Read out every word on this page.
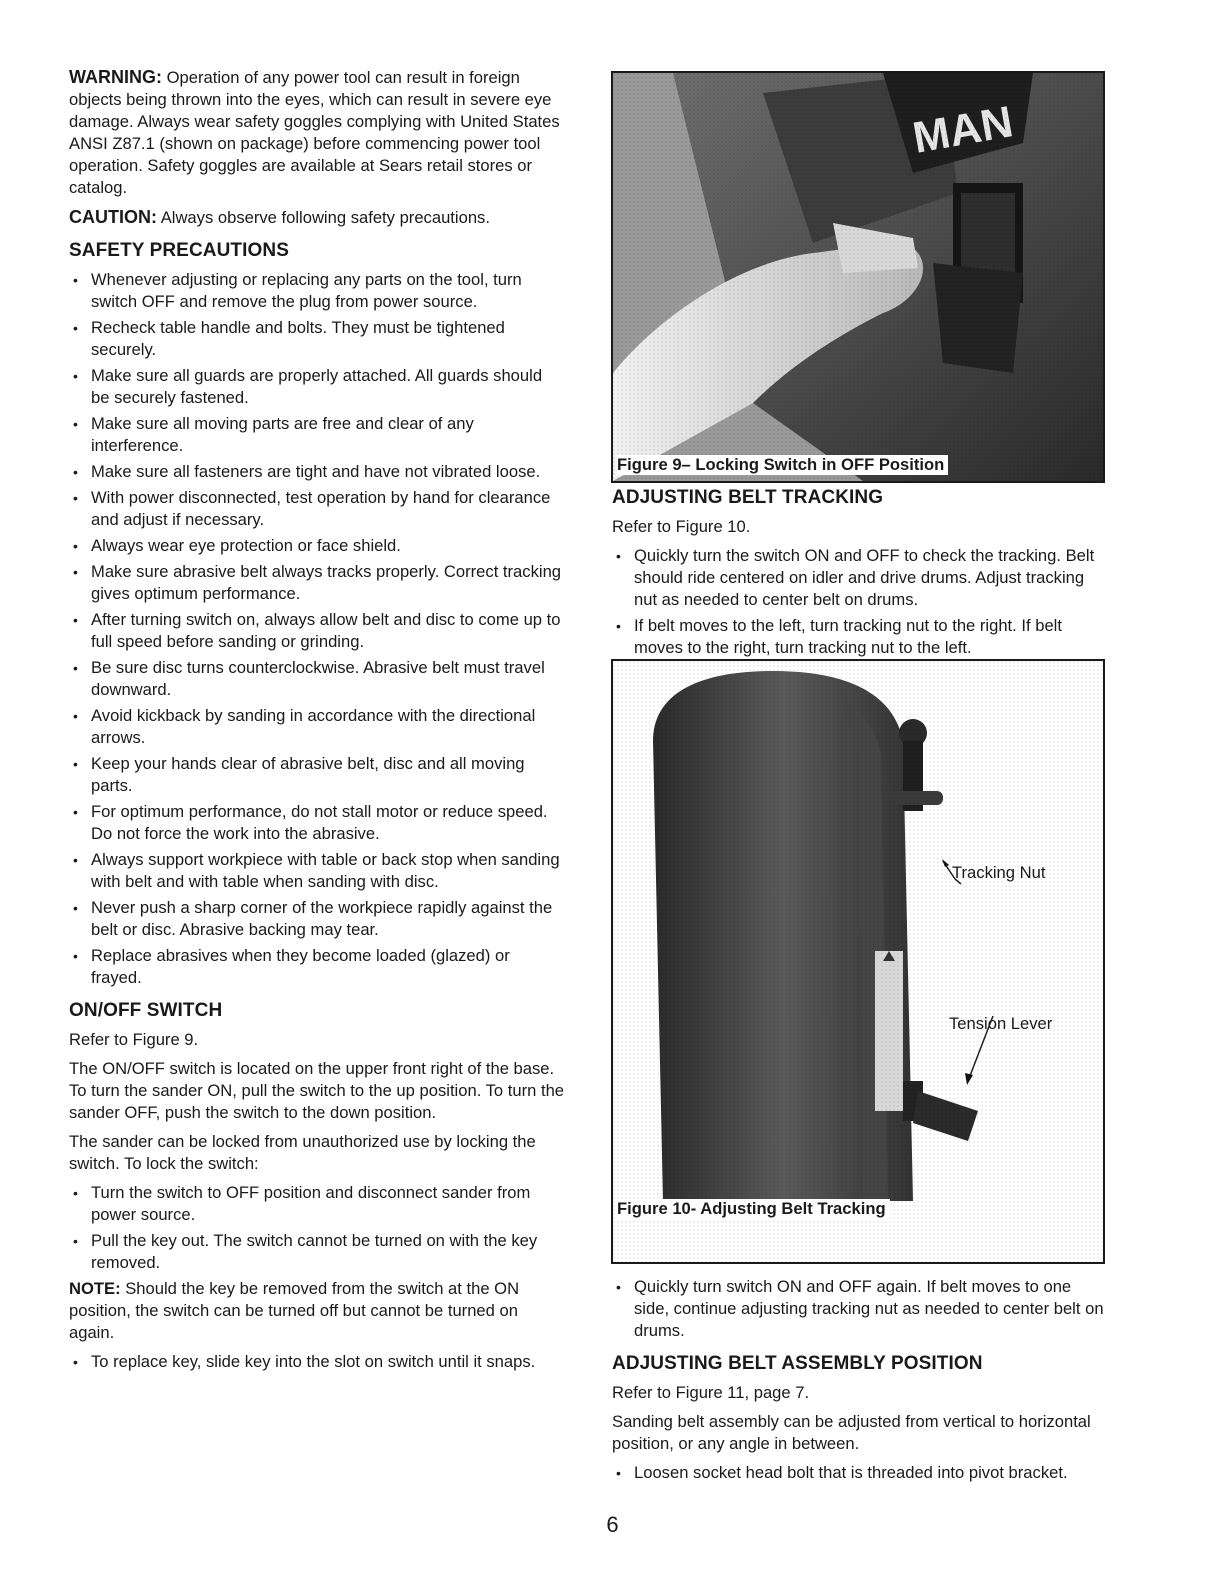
WARNING: Operation of any power tool can result in foreign objects being thrown into the eyes, which can result in severe eye damage. Always wear safety goggles complying with United States ANSI Z87.1 (shown on package) before commencing power tool operation. Safety goggles are available at Sears retail stores or catalog.

CAUTION: Always observe following safety precautions.

SAFETY PRECAUTIONS
• Whenever adjusting or replacing any parts on the tool, turn switch OFF and remove the plug from power source.
• Recheck table handle and bolts. They must be tightened securely.
• Make sure all guards are properly attached. All guards should be securely fastened.
• Make sure all moving parts are free and clear of any interference.
• Make sure all fasteners are tight and have not vibrated loose.
• With power disconnected, test operation by hand for clearance and adjust if necessary.
• Always wear eye protection or face shield.
• Make sure abrasive belt always tracks properly. Correct tracking gives optimum performance.
• After turning switch on, always allow belt and disc to come up to full speed before sanding or grinding.
• Be sure disc turns counterclockwise. Abrasive belt must travel downward.
• Avoid kickback by sanding in accordance with the directional arrows.
• Keep your hands clear of abrasive belt, disc and all moving parts.
• For optimum performance, do not stall motor or reduce speed. Do not force the work into the abrasive.
• Always support workpiece with table or back stop when sanding with belt and with table when sanding with disc.
• Never push a sharp corner of the workpiece rapidly against the belt or disc. Abrasive backing may tear.
• Replace abrasives when they become loaded (glazed) or frayed.
ON/OFF SWITCH

Refer to Figure 9.

The ON/OFF switch is located on the upper front right of the base. To turn the sander ON, pull the switch to the up position. To turn the sander OFF, push the switch to the down position.

The sander can be locked from unauthorized use by locking the switch. To lock the switch:

• Turn the switch to OFF position and disconnect sander from power source.
• Pull the key out. The switch cannot be turned on with the key removed.

NOTE: Should the key be removed from the switch at the ON position, the switch can be turned off but cannot be turned on again.

• To replace key, slide key into the slot on switch until it snaps.
Figure 9– Locking Switch in OFF Position
ADJUSTING BELT TRACKING

Refer to Figure 10.

• Quickly turn the switch ON and OFF to check the tracking. Belt should ride centered on idler and drive drums. Adjust tracking nut as needed to center belt on drums.
• If belt moves to the left, turn tracking nut to the right. If belt moves to the right, turn tracking nut to the left.
Tracking Nut
Tension Lever
Figure 10- Adjusting Belt Tracking
• Quickly turn switch ON and OFF again. If belt moves to one side, continue adjusting tracking nut as needed to center belt on drums.
ADJUSTING BELT ASSEMBLY POSITION

Refer to Figure 11, page 7.

Sanding belt assembly can be adjusted from vertical to horizontal position, or any angle in between.

• Loosen socket head bolt that is threaded into pivot bracket.
6
